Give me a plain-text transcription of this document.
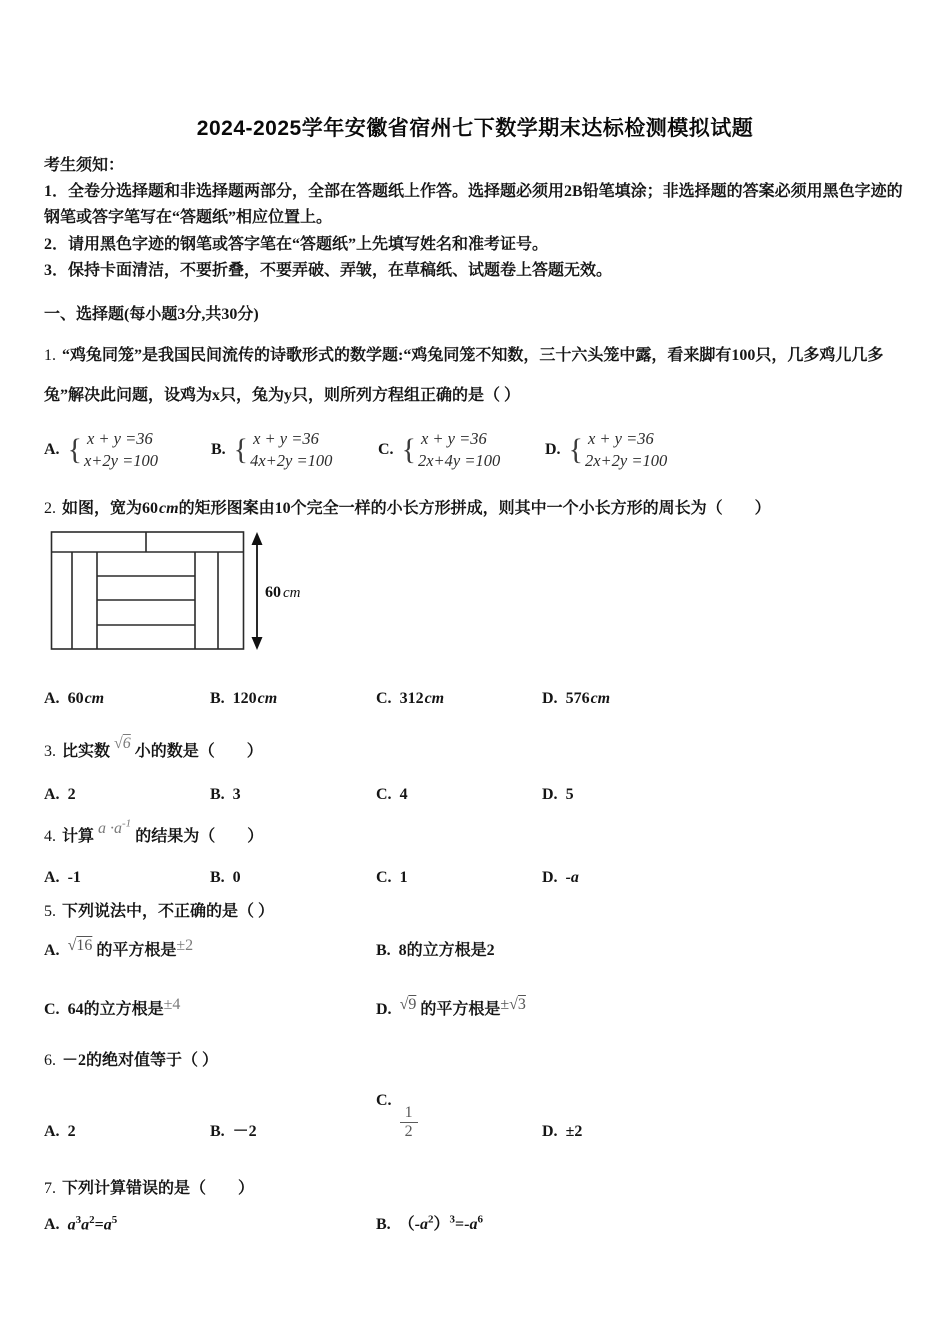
2024-2025学年安徽省宿州七下数学期末达标检测模拟试题

考生须知：

1．全卷分选择题和非选择题两部分，全部在答题纸上作答。选择题必须用2B铅笔填涂；非选择题的答案必须用黑色字迹的钢笔或答字笔写在“答题纸”相应位置上。

2．请用黑色字迹的钢笔或答字笔在“答题纸”上先填写姓名和准考证号。

3．保持卡面清洁，不要折叠，不要弄破、弄皱，在草稿纸、试题卷上答题无效。

一、选择题(每小题3分,共30分)

1. “鸡兔同笼”是我国民间流传的诗歌形式的数学题:“鸡兔同笼不知数，三十六头笼中露，看来脚有100只，几多鸡儿几多兔”解决此问题，设鸡为x只，兔为y只，则所列方程组正确的是（ ）

A. { x + y =36
x+2y =100
B. { x + y =36
4x+2y =100
C. { x + y =36
2x+4y =100
D. { x + y =36
2x+2y =100

2. 如图，宽为60cm的矩形图案由10个完全一样的小长方形拼成，则其中一个小长方形的周长为（　　）

60 cm
A. 60cm	B. 120cm	C. 312cm	D. 576cm

3. 比实数 √6 小的数是（　　）

A. 2	B. 3	C. 4	D. 5

4. 计算 $a \cdot a^{-1}$ 的结果为（　　）

A. -1	B. 0	C. 1	D. -a

5. 下列说法中，不正确的是（ ）

A. √16 的平方根是±2	B. 8的立方根是2
C. 64的立方根是±4	D. √9 的平方根是±√3

6. －2的绝对值等于（ ）

A. 2	B. －2
C.
$\frac{1}{2}$	D. ±2

7. 下列计算错误的是（　　）

A. $a^3a^2=a^5$	B. $(-a^2)^3=-a^6$
